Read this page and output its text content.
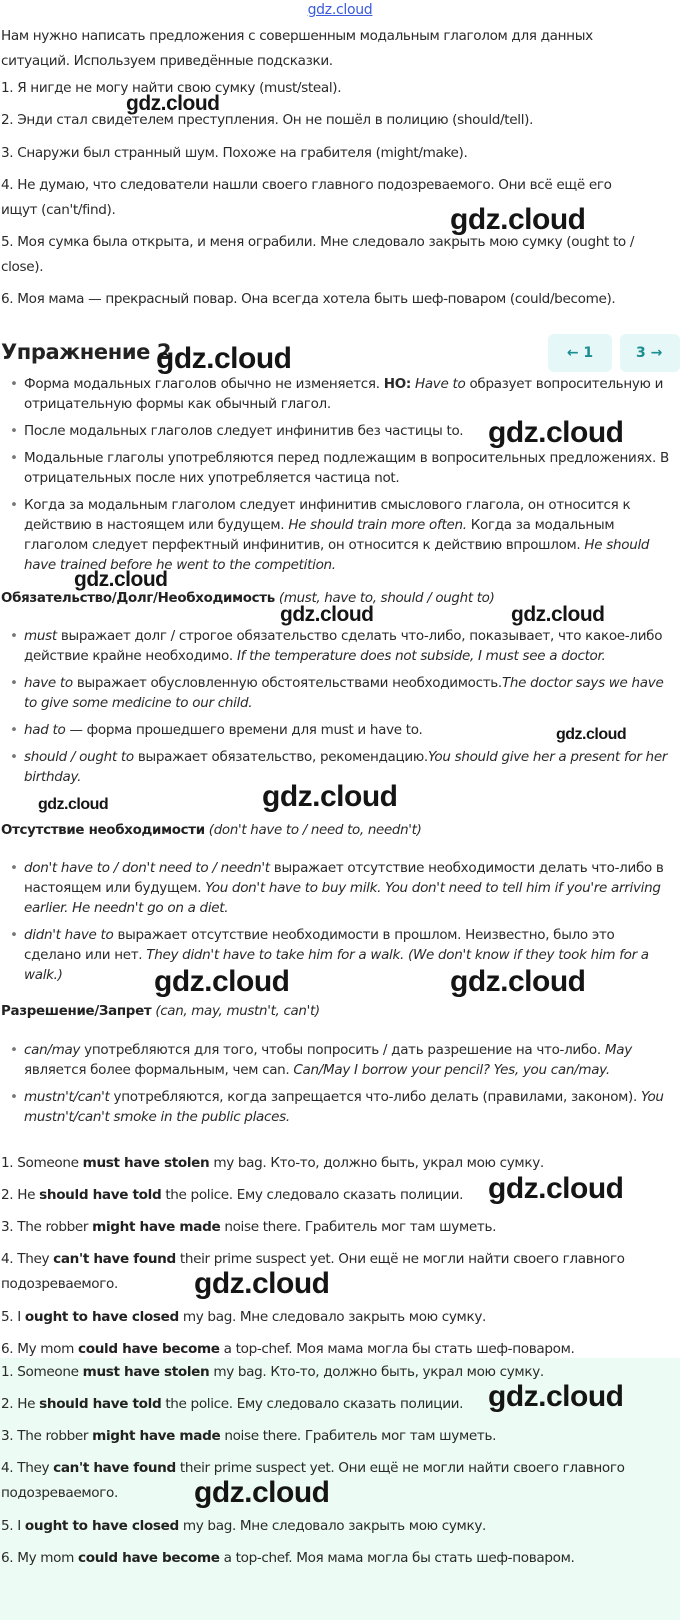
gdz.cloud
Нам нужно написать предложения с совершенным модальным глаголом для данных ситуаций. Используем приведённые подсказки.
1. Я нигде не могу найти свою сумку (must/steal).
2. Энди стал свидетелем преступления. Он не пошёл в полицию (should/tell).
3. Снаружи был странный шум. Похоже на грабителя (might/make).
4. Не думаю, что следователи нашли своего главного подозреваемого. Они всё ещё его ищут (can't/find).
5. Моя сумка была открыта, и меня ограбили. Мне следовало закрыть мою сумку (ought to / close).
6. Моя мама — прекрасный повар. Она всегда хотела быть шеф-поваром (could/become).
Упражнение 2	← 1	3 →
• Форма модальных глаголов обычно не изменяется. НО: Have to образует вопросительную и отрицательную формы как обычный глагол.
• После модальных глаголов следует инфинитив без частицы to.
• Модальные глаголы употребляются перед подлежащим в вопросительных предложениях. В отрицательных после них употребляется частица not.
• Когда за модальным глаголом следует инфинитив смыслового глагола, он относится к действию в настоящем или будущем. He should train more often. Когда за модальным глаголом следует перфектный инфинитив, он относится к действию впрошлом. He should have trained before he went to the competition.
Обязательство/Долг/Необходимость (must, have to, should / ought to)
• must выражает долг / строгое обязательство сделать что-либо, показывает, что какое-либо действие крайне необходимо. If the temperature does not subside, I must see a doctor.
• have to выражает обусловленную обстоятельствами необходимость.The doctor says we have to give some medicine to our child.
• had to — форма прошедшего времени для must и have to.
• should / ought to выражает обязательство, рекомендацию.You should give her a present for her birthday.
Отсутствие необходимости (don't have to / need to, needn't)
• don't have to / don't need to / needn't выражает отсутствие необходимости делать что-либо в настоящем или будущем. You don't have to buy milk. You don't need to tell him if you're arriving earlier. He needn't go on a diet.
• didn't have to выражает отсутствие необходимости в прошлом. Неизвестно, было это сделано или нет. They didn't have to take him for a walk. (We don't know if they took him for a walk.)
Разрешение/Запрет (can, may, mustn't, can't)
• can/may употребляются для того, чтобы попросить / дать разрешение на что-либо. May является более формальным, чем can. Can/May I borrow your pencil? Yes, you can/may.
• mustn't/can't употребляются, когда запрещается что-либо делать (правилами, законом). You mustn't/can't smoke in the public places.
1. Someone must have stolen my bag. Кто-то, должно быть, украл мою сумку.
2. He should have told the police. Ему следовало сказать полиции.
3. The robber might have made noise there. Грабитель мог там шуметь.
4. They can't have found their prime suspect yet. Они ещё не могли найти своего главного подозреваемого.
5. I ought to have closed my bag. Мне следовало закрыть мою сумку.
6. My mom could have become a top-chef. Моя мама могла бы стать шеф-поваром.
1. Someone must have stolen my bag. Кто-то, должно быть, украл мою сумку.
2. He should have told the police. Ему следовало сказать полиции.
3. The robber might have made noise there. Грабитель мог там шуметь.
4. They can't have found their prime suspect yet. Они ещё не могли найти своего главного подозреваемого.
5. I ought to have closed my bag. Мне следовало закрыть мою сумку.
6. My mom could have become a top-chef. Моя мама могла бы стать шеф-поваром.
gdz.cloud
gdz.cloud
gdz.cloud
gdz.cloud
gdz.cloud
gdz.cloud	gdz.cloud
gdz.cloud
gdz.cloud	gdz.cloud
gdz.cloud	gdz.cloud
gdz.cloud
gdz.cloud
gdz.cloud
gdz.cloud
